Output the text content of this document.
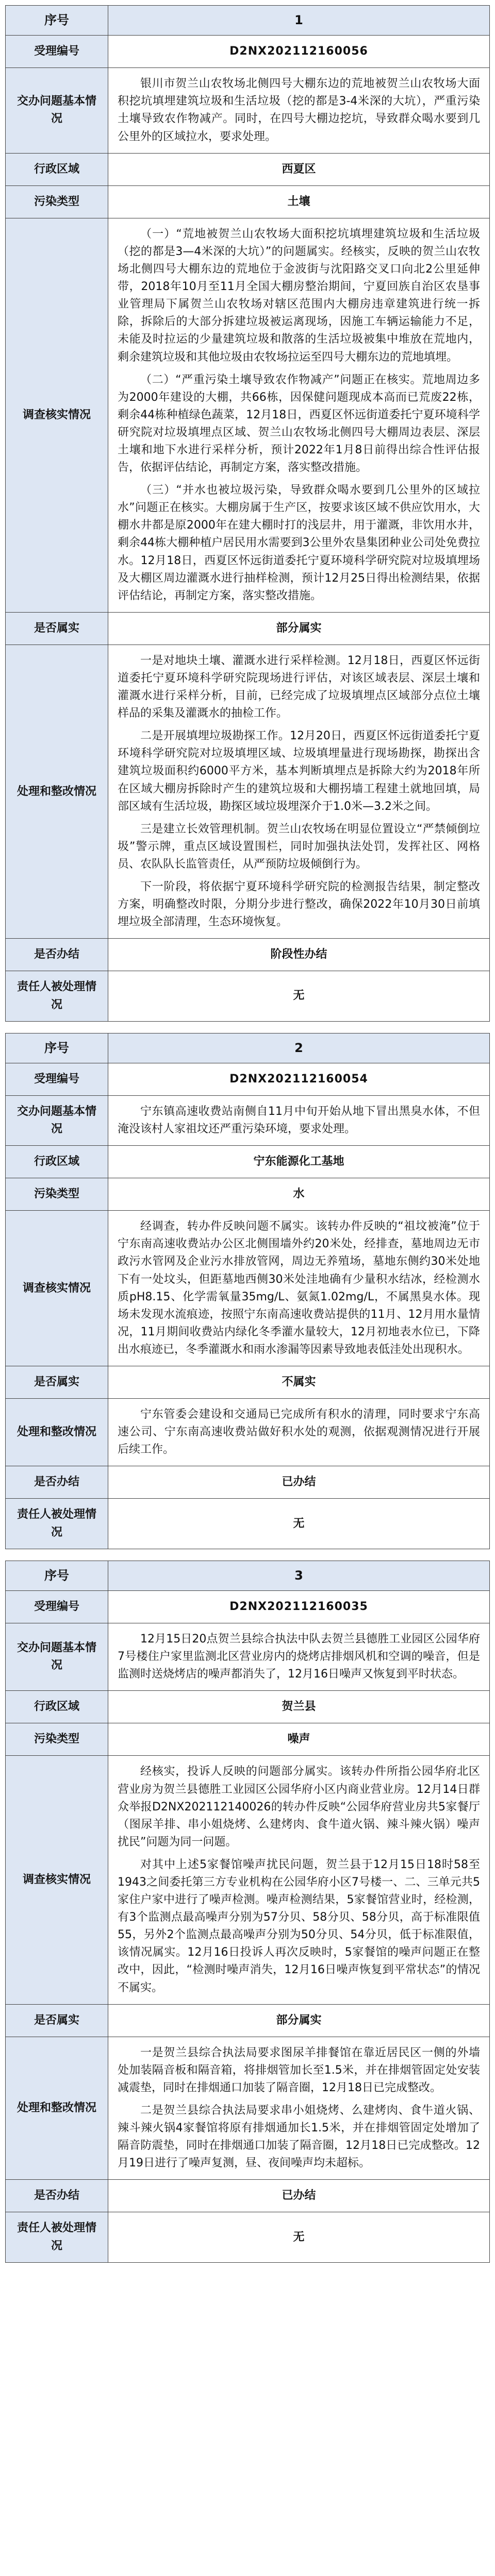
序号	1
受理编号	D2NX202112160056
交办问题基本情况	银川市贺兰山农牧场北侧四号大棚东边的荒地被贺兰山农牧场大面积挖坑填埋建筑垃圾和生活垃圾（挖的都是3-4米深的大坑），严重污染土壤导致农作物减产。同时，在四号大棚边挖坑，导致群众喝水要到几公里外的区域拉水，要求处理。

行政区域	西夏区
污染类型	土壤
调查核实情况	（一）“荒地被贺兰山农牧场大面积挖坑填埋建筑垃圾和生活垃圾（挖的都是3—4米深的大坑）”的问题属实。经核实，反映的贺兰山农牧场北侧四号大棚东边的荒地位于金波街与沈阳路交叉口向北2公里延伸带，2018年10月至11月全国大棚房整治期间，宁夏回族自治区农垦事业管理局下属贺兰山农牧场对辖区范围内大棚房违章建筑进行统一拆除，拆除后的大部分拆建垃圾被运离现场，因施工车辆运输能力不足，未能及时拉运的少量建筑垃圾和散落的生活垃圾被集中堆放在荒地内，剩余建筑垃圾和其他垃圾由农牧场拉运至四号大棚东边的荒地填埋。

（二）“严重污染土壤导致农作物减产”问题正在核实。荒地周边多为2000年建设的大棚，共66栋，因保健问题现成本高而已荒废22栋，剩余44栋种植绿色蔬菜，12月18日，西夏区怀远街道委托宁夏环境科学研究院对垃圾填埋点区域、贺兰山农牧场北侧四号大棚周边表层、深层土壤和地下水进行采样分析，预计2022年1月8日前得出综合性评估报告，依据评估结论，再制定方案，落实整改措施。

（三）“并水也被垃圾污染，导致群众喝水要到几公里外的区域拉水”问题正在核实。大棚房属于生产区，按要求该区域不供应饮用水，大棚水井都是原2000年在建大棚时打的浅层井，用于灌溉，非饮用水井，剩余44栋大棚种植户居民用水需要到3公里外农垦集团种业公司处免费拉水。12月18日，西夏区怀远街道委托宁夏环境科学研究院对垃圾填埋场及大棚区周边灌溉水进行抽样检测，预计12月25日得出检测结果，依据评估结论，再制定方案，落实整改措施。

是否属实	部分属实
处理和整改情况	一是对地块土壤、灌溉水进行采样检测。12月18日，西夏区怀远街道委托宁夏环境科学研究院现场进行评估，对该区域表层、深层土壤和灌溉水进行采样分析，目前，已经完成了垃圾填埋点区域部分点位土壤样品的采集及灌溉水的抽检工作。

二是开展填埋垃圾勘探工作。12月20日，西夏区怀远街道委托宁夏环境科学研究院对垃圾填埋区域、垃圾填埋量进行现场勘探，勘探出含建筑垃圾面积约6000平方米，基本判断填埋点是拆除大约为2018年所在区域大棚房拆除时产生的建筑垃圾和大棚拐墙工程建土就地回填，局部区域有生活垃圾，勘探区域垃圾埋深介于1.0米—3.2米之间。

三是建立长效管理机制。贺兰山农牧场在明显位置设立“严禁倾倒垃圾”警示牌，重点区域设置围栏，同时加强执法处罚，发挥社区、网格员、农队队长监管责任，从严预防垃圾倾倒行为。

下一阶段，将依据宁夏环境科学研究院的检测报告结果，制定整改方案，明确整改时限，分期分步进行整改，确保2022年10月30日前填埋垃圾全部清理，生态环境恢复。

是否办结	阶段性办结
责任人被处理情况	无
序号	2
受理编号	D2NX202112160054
交办问题基本情况	宁东镇高速收费站南侧自11月中旬开始从地下冒出黑臭水体，不但淹没该村人家祖坟还严重污染环境，要求处理。

行政区域	宁东能源化工基地
污染类型	水
调查核实情况	经调查，转办件反映问题不属实。该转办件反映的“祖坟被淹”位于宁东南高速收费站办公区北侧围墙外约20米处，经排查，墓地周边无市政污水管网及企业污水排放管网，周边无养殖场，墓地东侧约30米处地下有一处坟头，但距墓地西侧30米处洼地确有少量积水结冰，经检测水质pH8.15、化学需氧量35mg/L、氨氮1.02mg/L，不属黑臭水体。现场未发现水流痕迹，按照宁东南高速收费站提供的11月、12月用水量情况，11月期间收费站内绿化冬季灌水量较大，12月初地表水位已，下降出水痕迹已，冬季灌溉水和雨水渗漏等因素导致地表低洼处出现积水。

是否属实	不属实
处理和整改情况	宁东管委会建设和交通局已完成所有积水的清理，同时要求宁东高速公司、宁东南高速收费站做好积水处的观测，依据观测情况进行开展后续工作。

是否办结	已办结
责任人被处理情况	无
序号	3
受理编号	D2NX202112160035
交办问题基本情况	12月15日20点贺兰县综合执法中队去贺兰县德胜工业园区公园华府7号楼住户家里监测北区营业房内的烧烤店排烟风机和空调的噪音，但是监测时送烧烤店的噪声都消失了，12月16日噪声又恢复到平时状态。

行政区域	贺兰县
污染类型	噪声
调查核实情况	经核实，投诉人反映的问题部分属实。该转办件所指公园华府北区营业房为贺兰县德胜工业园区公园华府小区内商业营业房。12月14日群众举报D2NX202112140026的转办件反映“公园华府营业房共5家餐厅（图尿羊排、串小姐烧烤、么建烤肉、食牛道火锅、辣斗辣火锅）噪声扰民”问题为同一问题。

对其中上述5家餐馆噪声扰民问题，贺兰县于12月15日18时58至1943之间委托第三方专业机构在公园华府小区7号楼一、二、三单元共5家住户家中进行了噪声检测。噪声检测结果，5家餐馆营业时，经检测，有3个监测点最高噪声分别为57分贝、58分贝、58分贝，高于标准限值55，另外2个监测点最高噪声分别为50分贝、54分贝，低于标准限值，该情况属实。12月16日投诉人再次反映时，5家餐馆的噪声问题正在整改中，因此，“检测时噪声消失，12月16日噪声恢复到平常状态”的情况不属实。

是否属实	部分属实
处理和整改情况	一是贺兰县综合执法局要求图尿羊排餐馆在靠近居民区一侧的外墙处加装隔音板和隔音箱，将排烟管加长至1.5米，并在排烟管固定处安装减震垫，同时在排烟通口加装了隔音圈，12月18日已完成整改。

二是贺兰县综合执法局要求串小姐烧烤、么建烤肉、食牛道火锅、辣斗辣火锅4家餐馆将原有排烟通加长1.5米，并在排烟管固定处增加了隔音防震垫，同时在排烟通口加装了隔音圈，12月18日已完成整改。12月19日进行了噪声复测，昼、夜间噪声均未超标。

是否办结	已办结
责任人被处理情况	无
